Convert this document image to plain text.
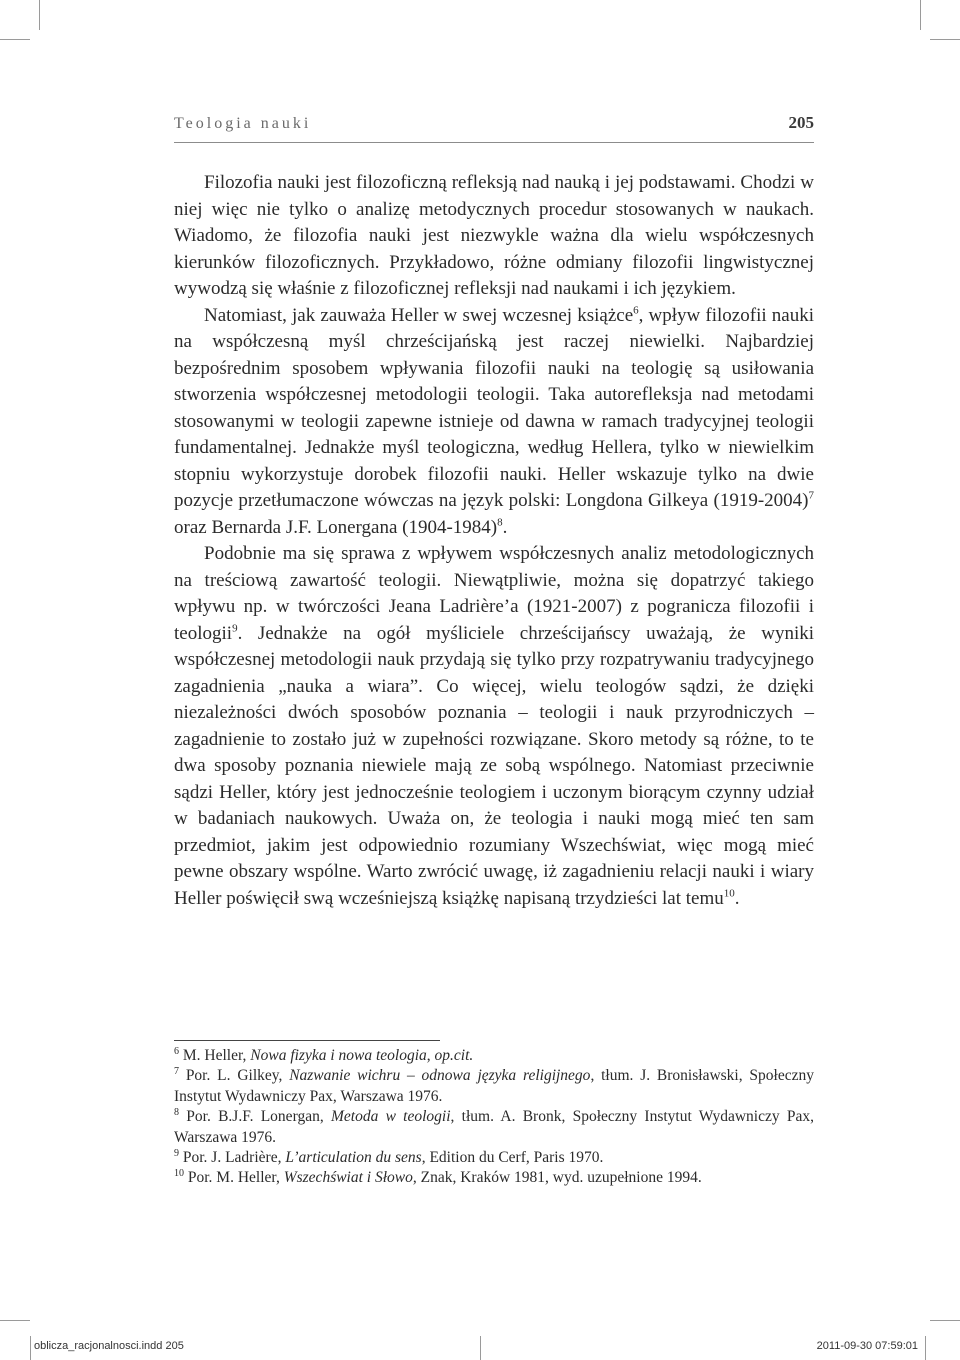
Teologia nauki	205

Filozofia nauki jest filozoficzną refleksją nad nauką i jej podstawami. Chodzi w niej więc nie tylko o analizę metodycznych procedur stosowanych w naukach. Wiadomo, że filozofia nauki jest niezwykle ważna dla wielu współczesnych kierunków filozoficznych. Przykładowo, różne odmiany filozofii lingwistycznej wywodzą się właśnie z filozoficznej refleksji nad naukami i ich językiem.

Natomiast, jak zauważa Heller w swej wczesnej książce$^6$, wpływ filozofii nauki na współczesną myśl chrześcijańską jest raczej niewielki. Najbardziej bezpośrednim sposobem wpływania filozofii nauki na teologię są usiłowania stworzenia współczesnej metodologii teologii. Taka autorefleksja nad metodami stosowanymi w teologii zapewne istnieje od dawna w ramach tradycyjnej teologii fundamentalnej. Jednakże myśl teologiczna, według Hellera, tylko w niewielkim stopniu wykorzystuje dorobek filozofii nauki. Heller wskazuje tylko na dwie pozycje przetłumaczone wówczas na język polski: Longdona Gilkeya (1919-2004)$^7$ oraz Bernarda J.F. Lonergana (1904-1984)$^8$.

Podobnie ma się sprawa z wpływem współczesnych analiz metodologicznych na treściową zawartość teologii. Niewątpliwie, można się dopatrzyć takiego wpływu np. w twórczości Jeana Ladrière’a (1921-2007) z pogranicza filozofii i teologii$^9$. Jednakże na ogół myśliciele chrześcijańscy uważają, że wyniki współczesnej metodologii nauk przydają się tylko przy rozpatrywaniu tradycyjnego zagadnienia „nauka a wiara”. Co więcej, wielu teologów sądzi, że dzięki niezależności dwóch sposobów poznania – teologii i nauk przyrodniczych – zagadnienie to zostało już w zupełności rozwiązane. Skoro metody są różne, to te dwa sposoby poznania niewiele mają ze sobą wspólnego. Natomiast przeciwnie sądzi Heller, który jest jednocześnie teologiem i uczonym biorącym czynny udział w badaniach naukowych. Uważa on, że teologia i nauki mogą mieć ten sam przedmiot, jakim jest odpowiednio rozumiany Wszechświat, więc mogą mieć pewne obszary wspólne. Warto zwrócić uwagę, iż zagadnieniu relacji nauki i wiary Heller poświęcił swą wcześniejszą książkę napisaną trzydzieści lat temu$^{10}$.

$^6$ M. Heller, Nowa fizyka i nowa teologia, op.cit.

$^7$ Por. L. Gilkey, Nazwanie wichru – odnowa języka religijnego, tłum. J. Bronisławski, Społeczny Instytut Wydawniczy Pax, Warszawa 1976.

$^8$ Por. B.J.F. Lonergan, Metoda w teologii, tłum. A. Bronk, Społeczny Instytut Wydawniczy Pax, Warszawa 1976.

$^9$ Por. J. Ladrière, L’articulation du sens, Edition du Cerf, Paris 1970.

$^{10}$ Por. M. Heller, Wszechświat i Słowo, Znak, Kraków 1981, wyd. uzupełnione 1994.

oblicza_racjonalnosci.indd 205	2011-09-30 07:59:01
